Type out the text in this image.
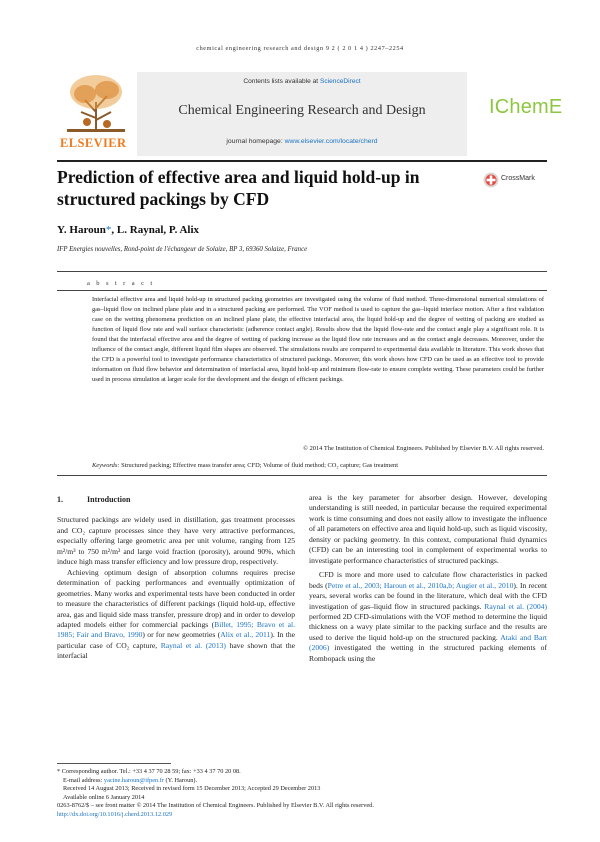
chemical engineering research and design 9 2 ( 2 0 1 4 ) 2247–2254
ELSEVIER
Contents lists available at ScienceDirect
Chemical Engineering Research and Design
journal homepage: www.elsevier.com/locate/cherd
IChemE
Prediction of effective area and liquid hold-up in structured packings by CFD
CrossMark
Y. Haroun*, L. Raynal, P. Alix
IFP Energies nouvelles, Rond-point de l'échangeur de Solaize, BP 3, 69360 Solaize, France
a b s t r a c t
Interfacial effective area and liquid hold-up in structured packing geometries are investigated using the volume of fluid method. Three-dimensional numerical simulations of gas–liquid flow on inclined plane plate and in a structured packing are performed. The VOF method is used to capture the gas–liquid interface motion. After a first validation case on the wetting phenomena prediction on an inclined plane plate, the effective interfacial area, the liquid hold-up and the degree of wetting of packing are studied as function of liquid flow rate and wall surface characteristic (adherence contact angle). Results show that the liquid flow-rate and the contact angle play a significant role. It is found that the interfacial effective area and the degree of wetting of packing increase as the liquid flow rate increases and as the contact angle decreases. Moreover, under the influence of the contact angle, different liquid film shapes are observed. The simulations results are compared to experimental data available in literature. This work shows that the CFD is a powerful tool to investigate performance characteristics of structured packings. Moreover, this work shows how CFD can be used as an effective tool to provide information on fluid flow behavior and determination of interfacial area, liquid hold-up and minimum flow-rate to ensure complete wetting. These parameters could be further used in process simulation at larger scale for the development and the design of efficient packings.
© 2014 The Institution of Chemical Engineers. Published by Elsevier B.V. All rights reserved.
Keywords: Structured packing; Effective mass transfer area; CFD; Volume of fluid method; CO₂ capture; Gas treatment
1.	Introduction

Structured packings are widely used in distillation, gas treatment processes and CO₂ capture processes since they have very attractive performances, especially offering large geometric area per unit volume, ranging from 125 m²/m³ to 750 m²/m³ and large void fraction (porosity), around 90%, which induce high mass transfer efficiency and low pressure drop, respectively.

Achieving optimum design of absorption columns requires precise determination of packing performances and eventually optimization of geometries. Many works and experimental tests have been conducted in order to measure the characteristics of different packings (liquid hold-up, effective area, gas and liquid side mass transfer, pressure drop) and in order to develop adapted models either for commercial packings (Billet, 1995; Bravo et al. 1985; Fair and Bravo, 1990) or for new geometries (Alix et al., 2011). In the particular case of CO₂ capture, Raynal et al. (2013) have shown that the interfacial

area is the key parameter for absorber design. However, developing understanding is still needed, in particular because the required experimental work is time consuming and does not easily allow to investigate the influence of all parameters on effective area and liquid hold-up, such as liquid viscosity, density or packing geometry. In this context, computational fluid dynamics (CFD) can be an interesting tool in complement of experimental works to investigate performance characteristics of structured packings.

CFD is more and more used to calculate flow characteristics in packed beds (Petre et al., 2003; Haroun et al., 2010a,b; Augier et al., 2010). In recent years, several works can be found in the literature, which deal with the CFD investigation of gas–liquid flow in structured packings. Raynal et al. (2004) performed 2D CFD-simulations with the VOF method to determine the liquid thickness on a wavy plate similar to the packing surface and the results are used to derive the liquid hold-up on the structured packing. Ataki and Bart (2006) investigated the wetting in the structured packing elements of Rombopack using the

* Corresponding author. Tel.: +33 4 37 70 28 59; fax: +33 4 37 70 20 08.
E-mail address: yacine.haroun@ifpen.fr (Y. Haroun).
Received 14 August 2013; Received in revised form 15 December 2013; Accepted 29 December 2013
Available online 6 January 2014
0263-8762/$ – see front matter © 2014 The Institution of Chemical Engineers. Published by Elsevier B.V. All rights reserved.
http://dx.doi.org/10.1016/j.cherd.2013.12.029
